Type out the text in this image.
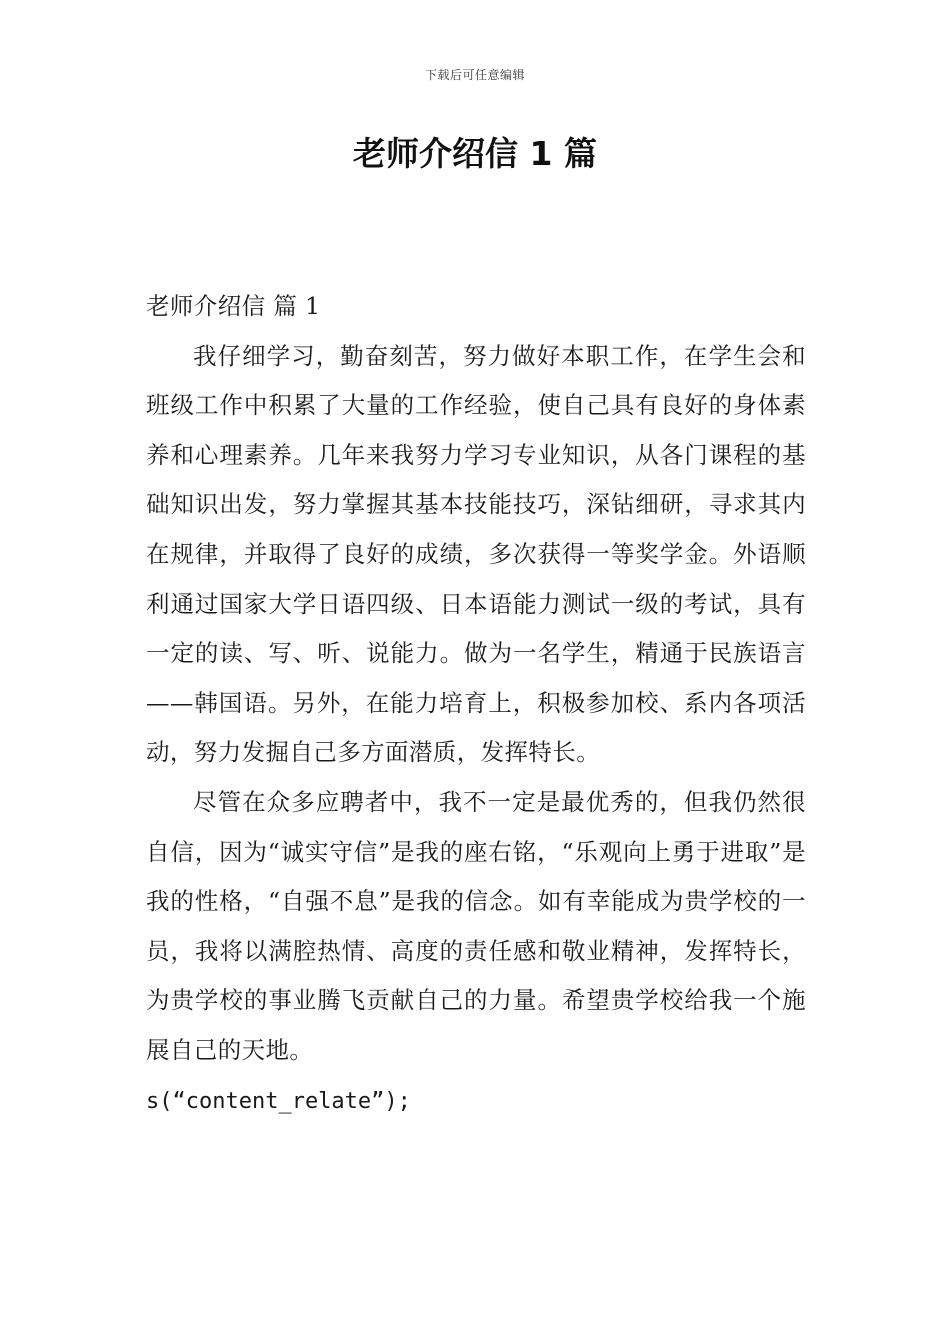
下载后可任意编辑
老师介绍信 1 篇
老师介绍信 篇 1

我仔细学习，勤奋刻苦，努力做好本职工作，在学生会和班级工作中积累了大量的工作经验，使自己具有良好的身体素养和心理素养。几年来我努力学习专业知识，从各门课程的基础知识出发，努力掌握其基本技能技巧，深钻细研，寻求其内在规律，并取得了良好的成绩，多次获得一等奖学金。外语顺利通过国家大学日语四级、日本语能力测试一级的考试，具有一定的读、写、听、说能力。做为一名学生，精通于民族语言——韩国语。另外，在能力培育上，积极参加校、系内各项活动，努力发掘自己多方面潜质，发挥特长。

尽管在众多应聘者中，我不一定是最优秀的，但我仍然很自信，因为“诚实守信”是我的座右铭，“乐观向上勇于进取”是我的性格，“自强不息”是我的信念。如有幸能成为贵学校的一员，我将以满腔热情、高度的责任感和敬业精神，发挥特长，为贵学校的事业腾飞贡献自己的力量。希望贵学校给我一个施展自己的天地。

s(“content_relate”);
